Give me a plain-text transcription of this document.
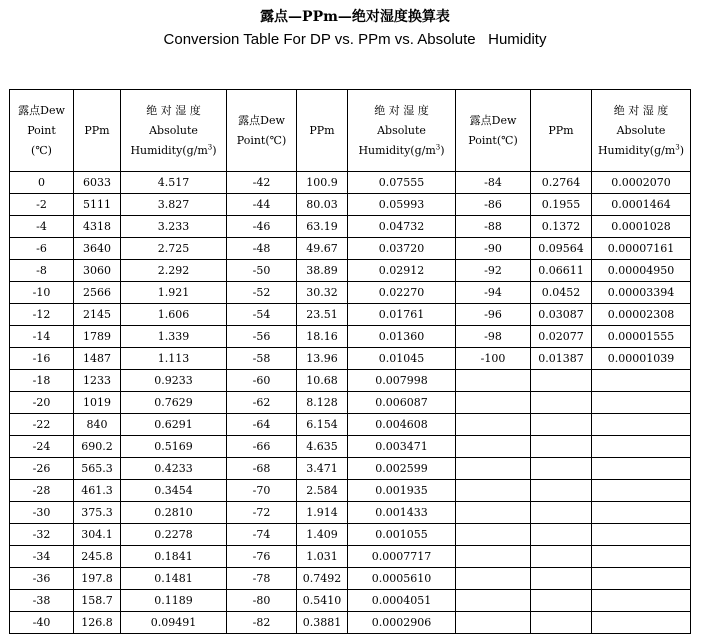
露点—PPm—绝对湿度换算表
Conversion Table For DP vs. PPm vs. Absolute   Humidity
露点Dew
Point
(℃)	PPm	绝 对 湿 度
Absolute
$Humidity(g/m^3)$	露点Dew
Point(℃)	PPm	绝 对 湿 度
Absolute
$Humidity(g/m^3)$	露点Dew
Point(℃)	PPm	绝 对 湿 度
Absolute
$Humidity(g/m^3)$

0	6033	4.517	-42	100.9	0.07555	-84	0.2764	0.0002070
-2	5111	3.827	-44	80.03	0.05993	-86	0.1955	0.0001464
-4	4318	3.233	-46	63.19	0.04732	-88	0.1372	0.0001028
-6	3640	2.725	-48	49.67	0.03720	-90	0.09564	0.00007161
-8	3060	2.292	-50	38.89	0.02912	-92	0.06611	0.00004950
-10	2566	1.921	-52	30.32	0.02270	-94	0.0452	0.00003394
-12	2145	1.606	-54	23.51	0.01761	-96	0.03087	0.00002308
-14	1789	1.339	-56	18.16	0.01360	-98	0.02077	0.00001555
-16	1487	1.113	-58	13.96	0.01045	-100	0.01387	0.00001039
-18	1233	0.9233	-60	10.68	0.007998			
-20	1019	0.7629	-62	8.128	0.006087			
-22	840	0.6291	-64	6.154	0.004608			
-24	690.2	0.5169	-66	4.635	0.003471			
-26	565.3	0.4233	-68	3.471	0.002599			
-28	461.3	0.3454	-70	2.584	0.001935			
-30	375.3	0.2810	-72	1.914	0.001433			
-32	304.1	0.2278	-74	1.409	0.001055			
-34	245.8	0.1841	-76	1.031	0.0007717			
-36	197.8	0.1481	-78	0.7492	0.0005610			
-38	158.7	0.1189	-80	0.5410	0.0004051			
-40	126.8	0.09491	-82	0.3881	0.0002906			
